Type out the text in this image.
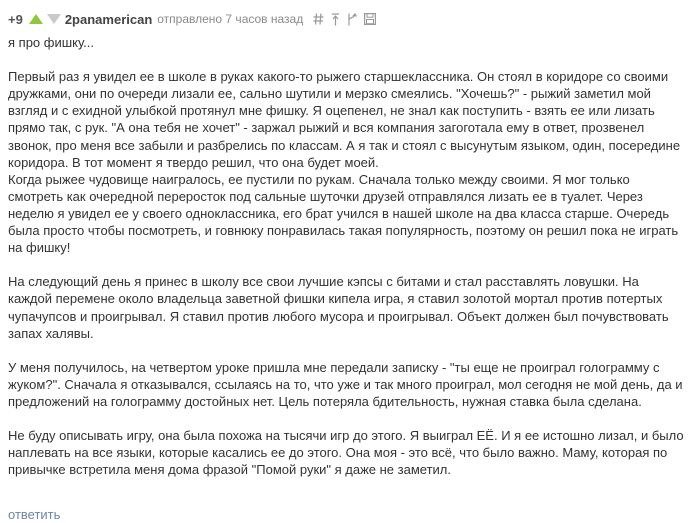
+9	2panamerican отправлено 7 часов назад

я про фишку...

Первый раз я увидел ее в школе в руках какого-то рыжего старшеклассника. Он стоял в коридоре со своими дружками, они по очереди лизали ее, сально шутили и мерзко смеялись. "Хочешь?" - рыжий заметил мой взгляд и с ехидной улыбкой протянул мне фишку. Я оцепенел, не знал как поступить - взять ее или лизать прямо так, с рук. "А она тебя не хочет" - заржал рыжий и вся компания загоготала ему в ответ, прозвенел звонок, про меня все забыли и разбрелись по классам. А я так и стоял с высунутым языком, один, посередине коридора. В тот момент я твердо решил, что она будет моей.

Когда рыжее чудовище наигралось, ее пустили по рукам. Сначала только между своими. Я мог только смотреть как очередной переросток под сальные шуточки друзей отправлялся лизать ее в туалет. Через неделю я увидел ее у своего одноклассника, его брат учился в нашей школе на два класса старше. Очередь была просто чтобы посмотреть, и говнюку понравилась такая популярность, поэтому он решил пока не играть на фишку!

На следующий день я принес в школу все свои лучшие кэпсы с битами и стал расставлять ловушки. На каждой перемене около владельца заветной фишки кипела игра, я ставил золотой мортал против потертых чупачупсов и проигрывал. Я ставил против любого мусора и проигрывал. Объект должен был почувствовать запах халявы.

У меня получилось, на четвертом уроке пришла мне передали записку - "ты еще не проиграл голограмму с жуком?". Сначала я отказывался, ссылаясь на то, что уже и так много проиграл, мол сегодня не мой день, да и предложений на голограмму достойных нет. Цель потеряла бдительность, нужная ставка была сделана.

Не буду описывать игру, она была похожа на тысячи игр до этого. Я выиграл ЕЁ. И я ее истошно лизал, и было наплевать на все языки, которые касались ее до этого. Она моя - это всё, что было важно. Маму, которая по привычке встретила меня дома фразой "Помой руки" я даже не заметил.

ответить
